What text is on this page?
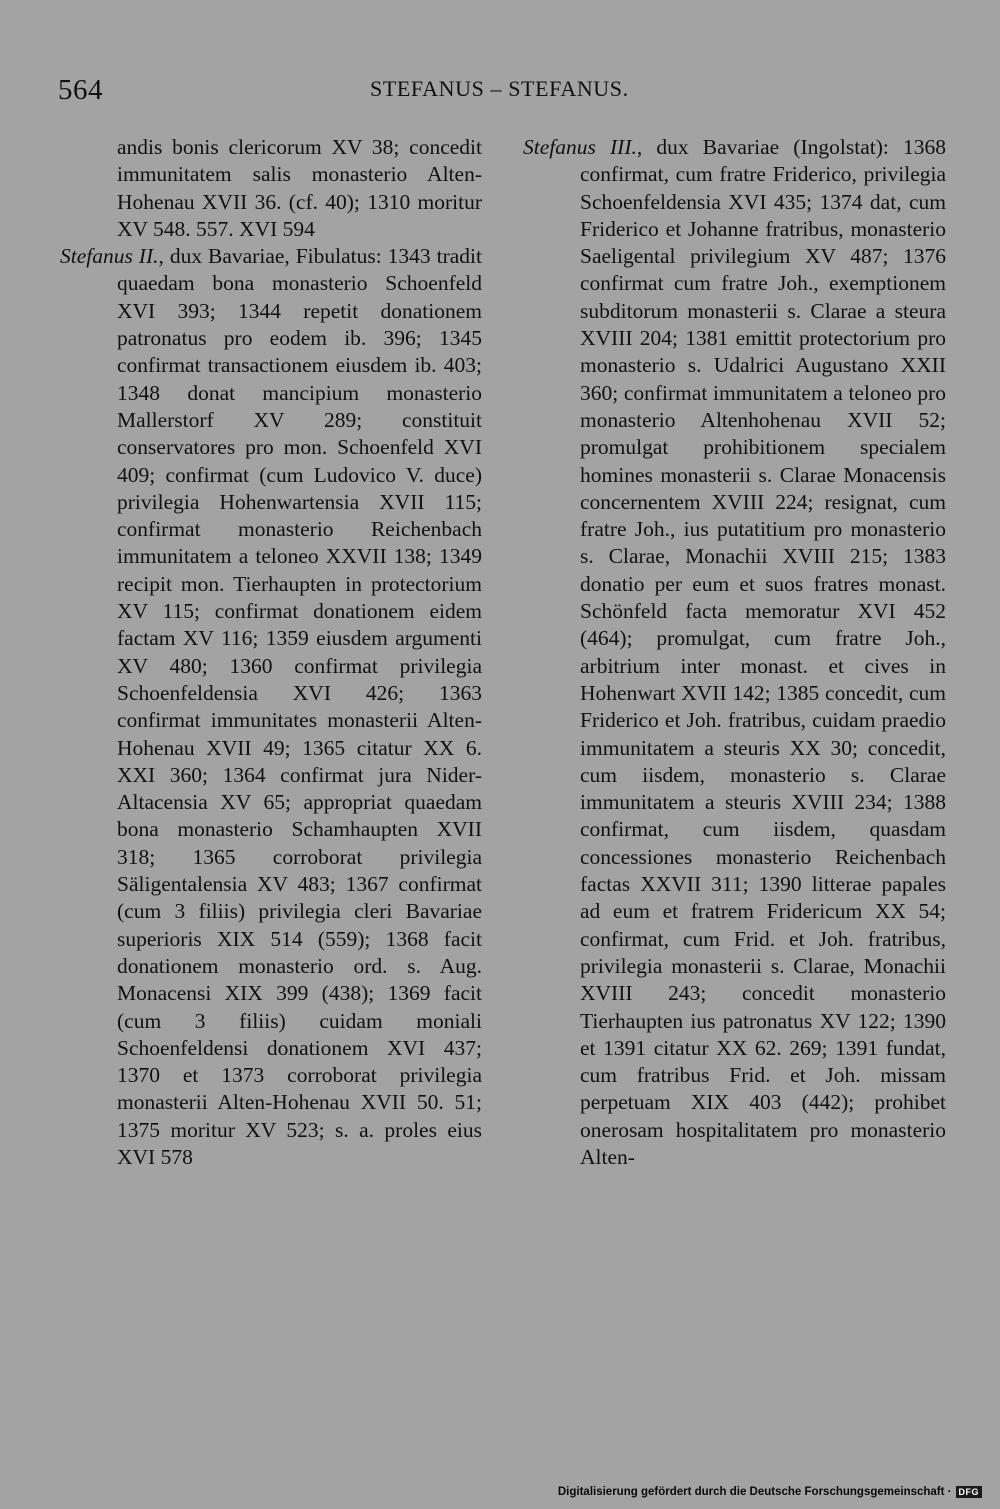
564	STEFANUS – STEFANUS.

andis bonis clericorum XV 38; concedit immunitatem salis monasterio Alten-Hohenau XVII 36. (cf. 40); 1310 moritur XV 548. 557. XVI 594

Stefanus II., dux Bavariae, Fibulatus: 1343 tradit quaedam bona monasterio Schoenfeld XVI 393; 1344 repetit donationem patronatus pro eodem ib. 396; 1345 confirmat transactionem eiusdem ib. 403; 1348 donat mancipium monasterio Mallerstorf XV 289; constituit conservatores pro mon. Schoenfeld XVI 409; confirmat (cum Ludovico V. duce) privilegia Hohenwartensia XVII 115; confirmat monasterio Reichenbach immunitatem a teloneo XXVII 138; 1349 recipit mon. Tierhaupten in protectorium XV 115; confirmat donationem eidem factam XV 116; 1359 eiusdem argumenti XV 480; 1360 confirmat privilegia Schoenfeldensia XVI 426; 1363 confirmat immunitates monasterii Alten-Hohenau XVII 49; 1365 citatur XX 6. XXI 360; 1364 confirmat jura Nider-Altacensia XV 65; appropriat quaedam bona monasterio Schamhaupten XVII 318; 1365 corroborat privilegia Säligentalensia XV 483; 1367 confirmat (cum 3 filiis) privilegia cleri Bavariae superioris XIX 514 (559); 1368 facit donationem monasterio ord. s. Aug. Monacensi XIX 399 (438); 1369 facit (cum 3 filiis) cuidam moniali Schoenfeldensi donationem XVI 437; 1370 et 1373 corroborat privilegia monasterii Alten-Hohenau XVII 50. 51; 1375 moritur XV 523; s. a. proles eius XVI 578

Stefanus III., dux Bavariae (Ingolstat): 1368 confirmat, cum fratre Friderico, privilegia Schoenfeldensia XVI 435; 1374 dat, cum Friderico et Johanne fratribus, monasterio Saeligental privilegium XV 487; 1376 confirmat cum fratre Joh., exemptionem subditorum monasterii s. Clarae a steura XVIII 204; 1381 emittit protectorium pro monasterio s. Udalrici Augustano XXII 360; confirmat immunitatem a teloneo pro monasterio Altenhohenau XVII 52; promulgat prohibitionem specialem homines monasterii s. Clarae Monacensis concernentem XVIII 224; resignat, cum fratre Joh., ius putatitium pro monasterio s. Clarae, Monachii XVIII 215; 1383 donatio per eum et suos fratres monast. Schönfeld facta memoratur XVI 452 (464); promulgat, cum fratre Joh., arbitrium inter monast. et cives in Hohenwart XVII 142; 1385 concedit, cum Friderico et Joh. fratribus, cuidam praedio immunitatem a steuris XX 30; concedit, cum iisdem, monasterio s. Clarae immunitatem a steuris XVIII 234; 1388 confirmat, cum iisdem, quasdam concessiones monasterio Reichenbach factas XXVII 311; 1390 litterae papales ad eum et fratrem Fridericum XX 54; confirmat, cum Frid. et Joh. fratribus, privilegia monasterii s. Clarae, Monachii XVIII 243; concedit monasterio Tierhaupten ius patronatus XV 122; 1390 et 1391 citatur XX 62. 269; 1391 fundat, cum fratribus Frid. et Joh. missam perpetuam XIX 403 (442); prohibet onerosam hospitalitatem pro monasterio Alten-

Digitalisierung gefördert durch die Deutsche Forschungsgemeinschaft · DFG
